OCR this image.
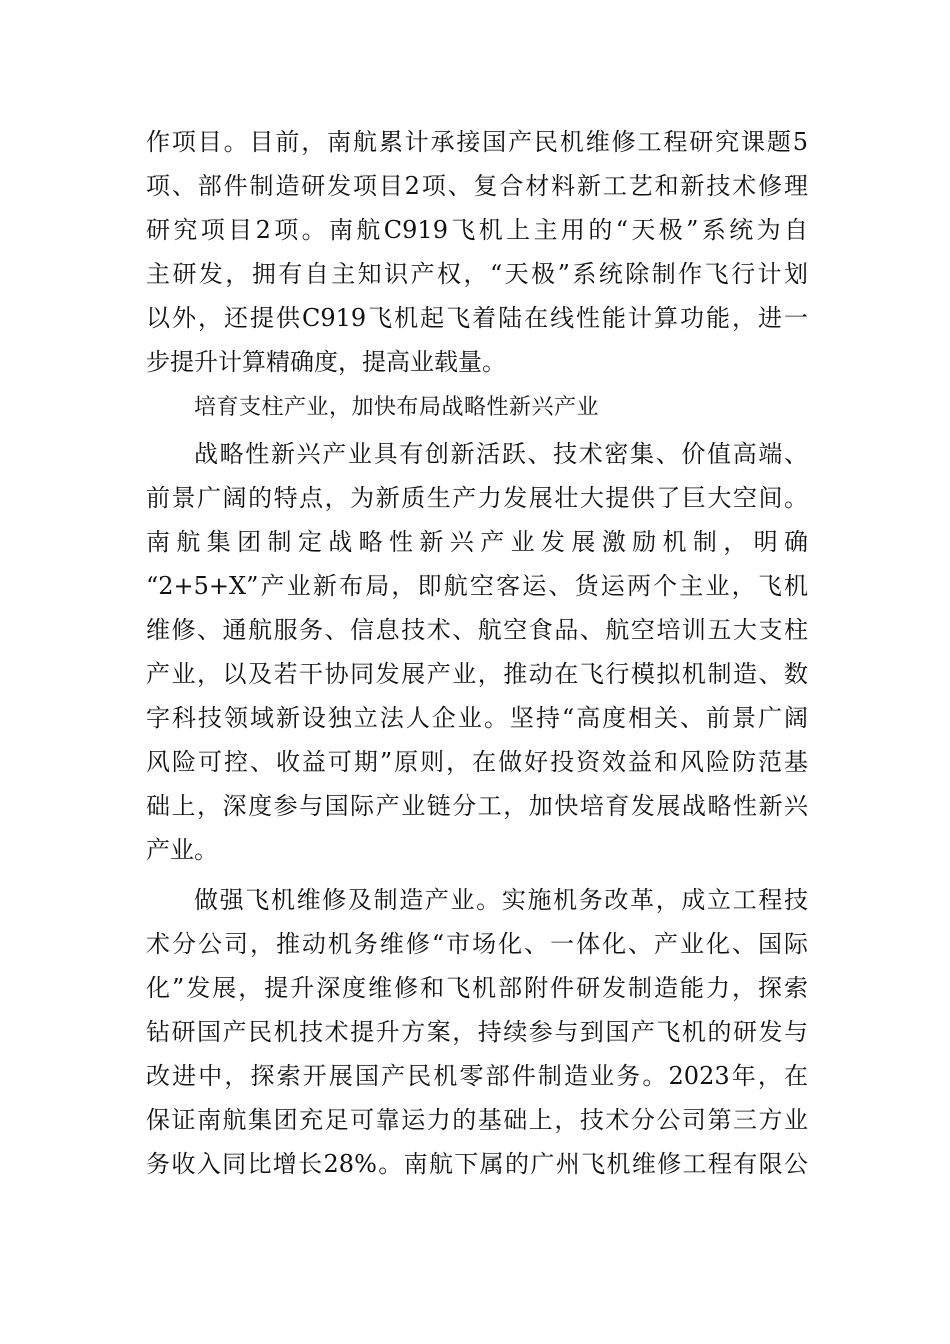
作项目。目前，南航累计承接国产民机维修工程研究课题5
项、部件制造研发项目2项、复合材料新工艺和新技术修理
研究项目2项。南航C919飞机上主用的“天极”系统为自
主研发，拥有自主知识产权，“天极”系统除制作飞行计划
以外，还提供C919飞机起飞着陆在线性能计算功能，进一
步提升计算精确度，提高业载量。
培育支柱产业，加快布局战略性新兴产业
战略性新兴产业具有创新活跃、技术密集、价值高端、
前景广阔的特点，为新质生产力发展壮大提供了巨大空间。
南航集团制定战略性新兴产业发展激励机制，明确
“2+5+X”产业新布局，即航空客运、货运两个主业，飞机
维修、通航服务、信息技术、航空食品、航空培训五大支柱
产业，以及若干协同发展产业，推动在飞行模拟机制造、数
字科技领域新设独立法人企业。坚持“高度相关、前景广阔
风险可控、收益可期”原则，在做好投资效益和风险防范基
础上，深度参与国际产业链分工，加快培育发展战略性新兴
产业。
做强飞机维修及制造产业。实施机务改革，成立工程技
术分公司，推动机务维修“市场化、一体化、产业化、国际
化”发展，提升深度维修和飞机部附件研发制造能力，探索
钻研国产民机技术提升方案，持续参与到国产飞机的研发与
改进中，探索开展国产民机零部件制造业务。2023年，在
保证南航集团充足可靠运力的基础上，技术分公司第三方业
务收入同比增长28%。南航下属的广州飞机维修工程有限公
